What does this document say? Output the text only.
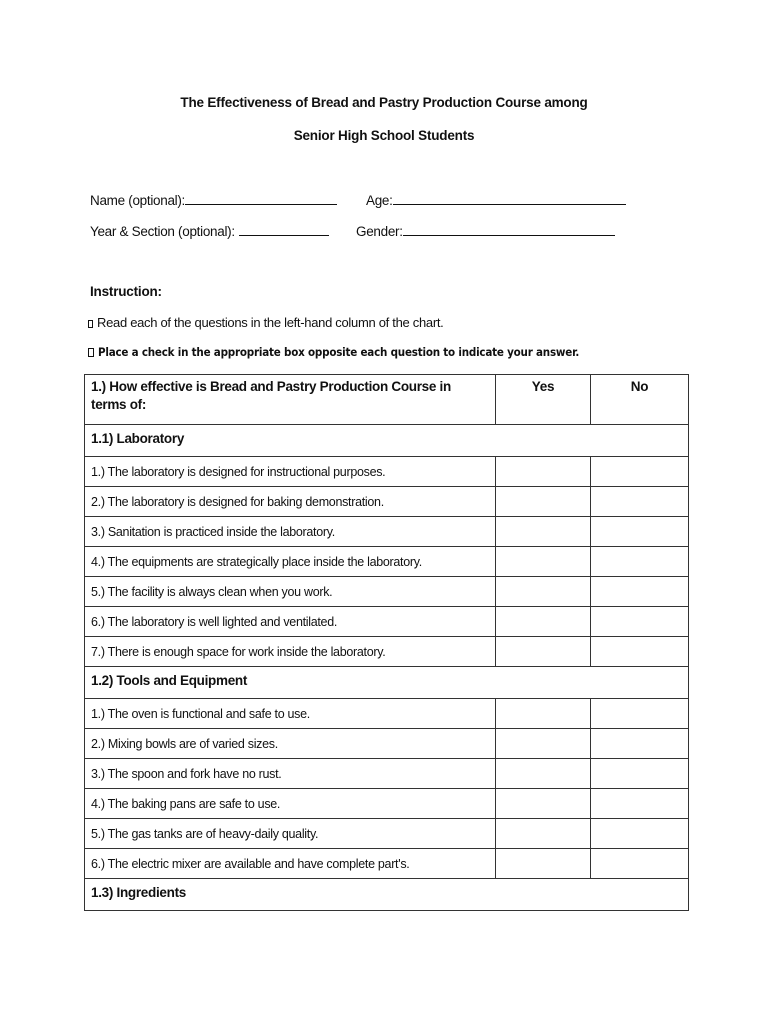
The Effectiveness of Bread and Pastry Production Course among
Senior High School Students
Name (optional):	Age:
Year & Section (optional):	Gender:
Instruction:
Read each of the questions in the left-hand column of the chart.
Place a check in the appropriate box opposite each question to indicate your answer.
1.) How effective is Bread and Pastry Production Course in terms of:	Yes	No
1.1) Laboratory		
1.) The laboratory is designed for instructional purposes.		
2.) The laboratory is designed for baking demonstration.		
3.) Sanitation is practiced inside the laboratory.		
4.) The equipments are strategically place inside the laboratory.		
5.) The facility is always clean when you work.		
6.) The laboratory is well lighted and ventilated.		
7.) There is enough space for work inside the laboratory.		
1.2) Tools and Equipment		
1.) The oven is functional and safe to use.		
2.) Mixing bowls are of varied sizes.		
3.) The spoon and fork have no rust.		
4.) The baking pans are safe to use.		
5.) The gas tanks are of heavy-daily quality.		
6.) The electric mixer are available and have complete part's.		
1.3) Ingredients		
